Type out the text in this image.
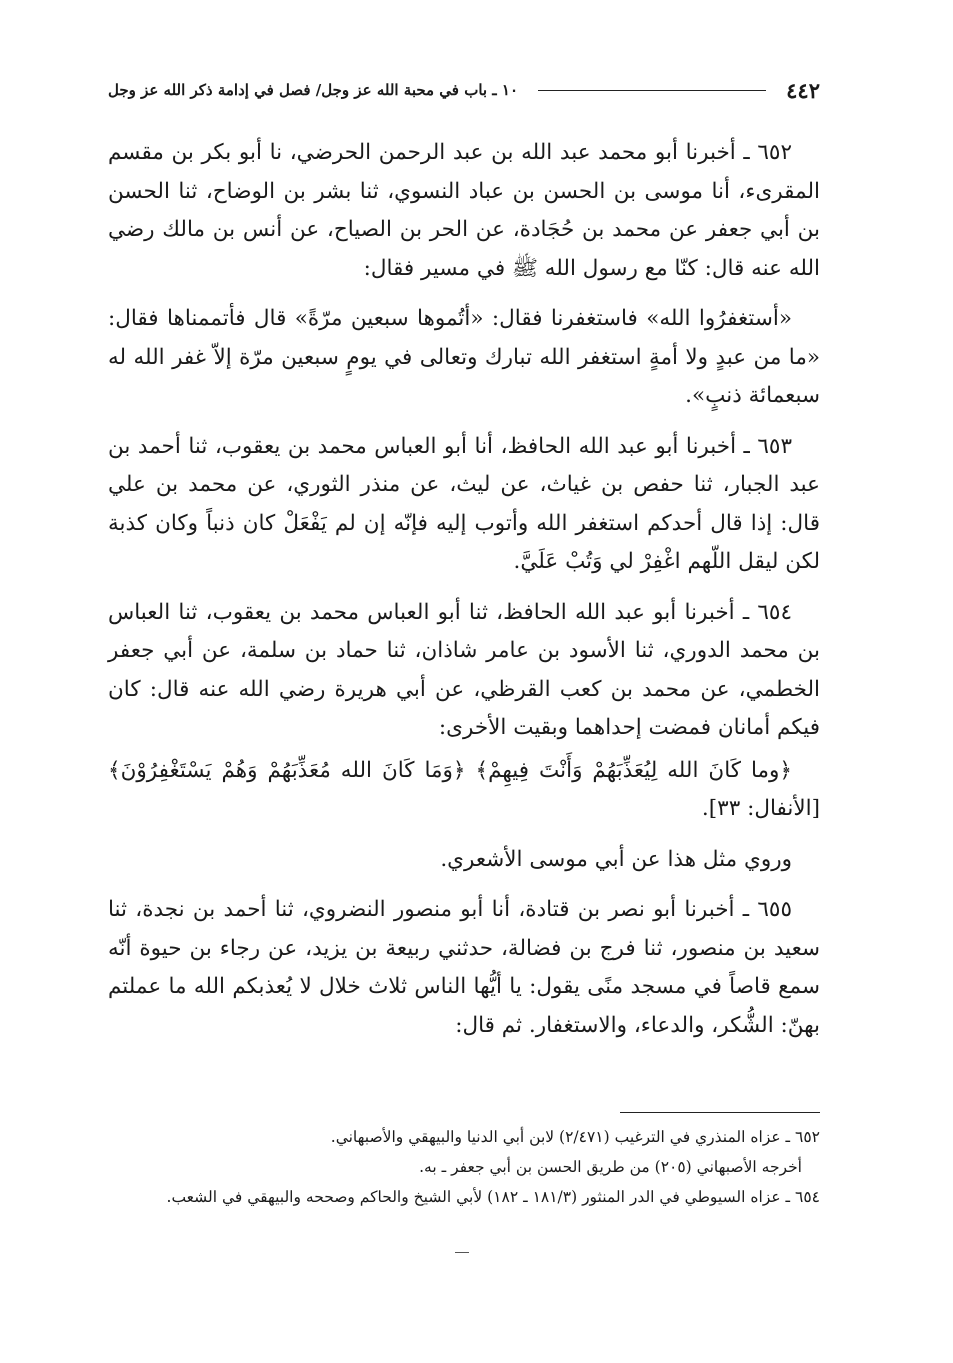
٤٤٢
١٠ ـ باب في محبة الله عز وجل/ فصل في إدامة ذكر الله عز وجل

٦٥٢ ـ أخبرنا أبو محمد عبد الله بن عبد الرحمن الحرضي، نا أبو بكر بن مقسم المقرىء، أنا موسى بن الحسن بن عباد النسوي، ثنا بشر بن الوضاح، ثنا الحسن بن أبي جعفر عن محمد بن حُجَادة، عن الحر بن الصياح، عن أنس بن مالك رضي الله عنه قال: كنّا مع رسول الله ﷺ في مسير فقال:

«أستغفرُوا الله» فاستغفرنا فقال: «أتُموها سبعين مرّةً» قال فأتممناها فقال: «ما من عبدٍ ولا أمةٍ استغفر الله تبارك وتعالى في يومٍ سبعين مرّة إلاّ غفر الله له سبعمائة ذنبٍ».

٦٥٣ ـ أخبرنا أبو عبد الله الحافظ، أنا أبو العباس محمد بن يعقوب، ثنا أحمد بن عبد الجبار، ثنا حفص بن غياث، عن ليث، عن منذر الثوري، عن محمد بن علي قال: إذا قال أحدكم استغفر الله وأتوب إليه فإنّه إن لم يَفْعَلْ كان ذنباً وكان كذبة لكن ليقل اللّهم اغْفِرْ لي وَتُبْ عَلَيَّ.

٦٥٤ ـ أخبرنا أبو عبد الله الحافظ، ثنا أبو العباس محمد بن يعقوب، ثنا العباس بن محمد الدوري، ثنا الأسود بن عامر شاذان، ثنا حماد بن سلمة، عن أبي جعفر الخطمي، عن محمد بن كعب القرظي، عن أبي هريرة رضي الله عنه قال: كان فيكم أمانان فمضت إحداهما وبقيت الأخرى:

﴿وما كَانَ الله لِيُعَذِّبَهُمْ وَأَنْتَ فِيهِمْ﴾ ﴿وَمَا كَانَ الله مُعَذِّبَهُمْ وَهُمْ يَسْتَغْفِرُوْنَ﴾ [الأنفال: ٣٣].

وروي مثل هذا عن أبي موسى الأشعري.

٦٥٥ ـ أخبرنا أبو نصر بن قتادة، أنا أبو منصور النضروي، ثنا أحمد بن نجدة، ثنا سعيد بن منصور، ثنا فرج بن فضالة، حدثني ربيعة بن يزيد، عن رجاء بن حيوة أنّه سمع قاصاً في مسجد منًى يقول: يا أيُّها الناس ثلاث خلال لا يُعذبكم الله ما عملتم بهنّ: الشُّكر، والدعاء، والاستغفار. ثم قال:

٦٥٢ ـ عزاه المنذري في الترغيب (٢/٤٧١) لابن أبي الدنيا والبيهقي والأصبهاني.

أخرجه الأصبهاني (٢٠٥) من طريق الحسن بن أبي جعفر ـ به.

٦٥٤ ـ عزاه السيوطي في الدر المنثور (١٨١/٣ ـ ١٨٢) لأبي الشيخ والحاكم وصححه والبيهقي في الشعب.
